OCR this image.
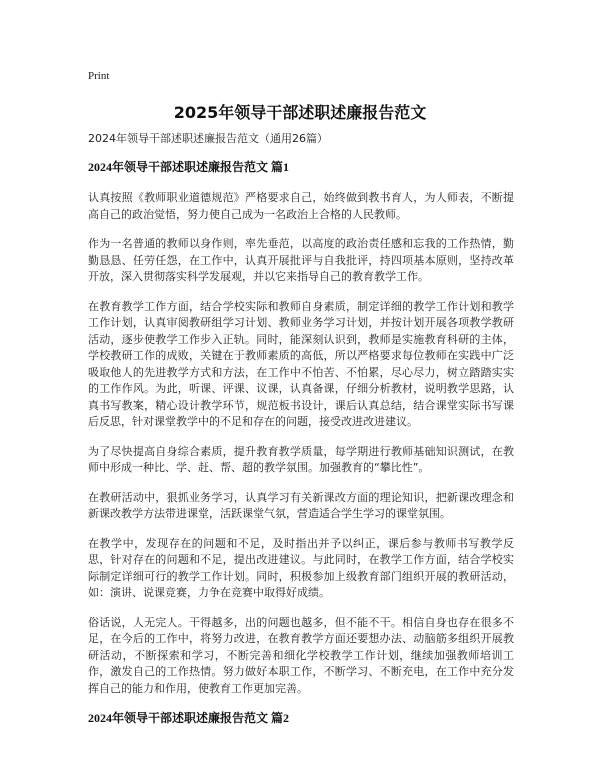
Print
2025年领导干部述职述廉报告范文
2024年领导干部述职述廉报告范文（通用26篇）
2024年领导干部述职述廉报告范文 篇1
认真按照《教师职业道德规范》严格要求自己，始终做到教书育人，为人师表，不断提高自己的政治觉悟，努力使自己成为一名政治上合格的人民教师。
作为一名普通的教师以身作则，率先垂范，以高度的政治责任感和忘我的工作热情，勤勤恳恳、任劳任怨，在工作中，认真开展批评与自我批评，持四项基本原则，坚持改革开放，深入贯彻落实科学发展观，并以它来指导自己的教育教学工作。
在教育教学工作方面，结合学校实际和教师自身素质，制定详细的教学工作计划和教学工作计划，认真审阅教研组学习计划、教师业务学习计划，并按计划开展各项教学教研活动，逐步使教学工作步入正轨。同时，能深刻认识到，教师是实施教育科研的主体，学校教研工作的成败，关键在于教师素质的高低，所以严格要求每位教师在实践中广泛吸取他人的先进教学方式和方法，在工作中不怕苦、不怕累，尽心尽力，树立踏踏实实的工作作风。为此，听课、评课、议课，认真备课，仔细分析教材，说明教学思路，认真书写教案，精心设计教学环节，规范板书设计，课后认真总结，结合课堂实际书写课后反思，针对课堂教学中的不足和存在的问题，接受改进改进建议。
为了尽快提高自身综合素质，提升教育教学质量，每学期进行教师基础知识测试，在教师中形成一种比、学、赶、帮、超的教学氛围。加强教育的“攀比性”。
在教研活动中，狠抓业务学习，认真学习有关新课改方面的理论知识，把新课改理念和新课改教学方法带进课堂，活跃课堂气氛，营造适合学生学习的课堂氛围。
在教学中，发现存在的问题和不足，及时指出并予以纠正，课后参与教师书写教学反思，针对存在的问题和不足，提出改进建议。与此同时，在教学工作方面，结合学校实际制定详细可行的教学工作计划。同时，积极参加上级教育部门组织开展的教研活动，如：演讲、说课竞赛，力争在竞赛中取得好成绩。
俗话说，人无完人。干得越多，出的问题也越多，但不能不干。相信自身也存在很多不足，在今后的工作中，将努力改进，在教育教学方面还要想办法、动脑筋多组织开展教研活动，不断探索和学习，不断完善和细化学校教学工作计划，继续加强教师培训工作，激发自己的工作热情。努力做好本职工作，不断学习、不断充电，在工作中充分发挥自己的能力和作用，使教育工作更加完善。
2024年领导干部述职述廉报告范文 篇2
